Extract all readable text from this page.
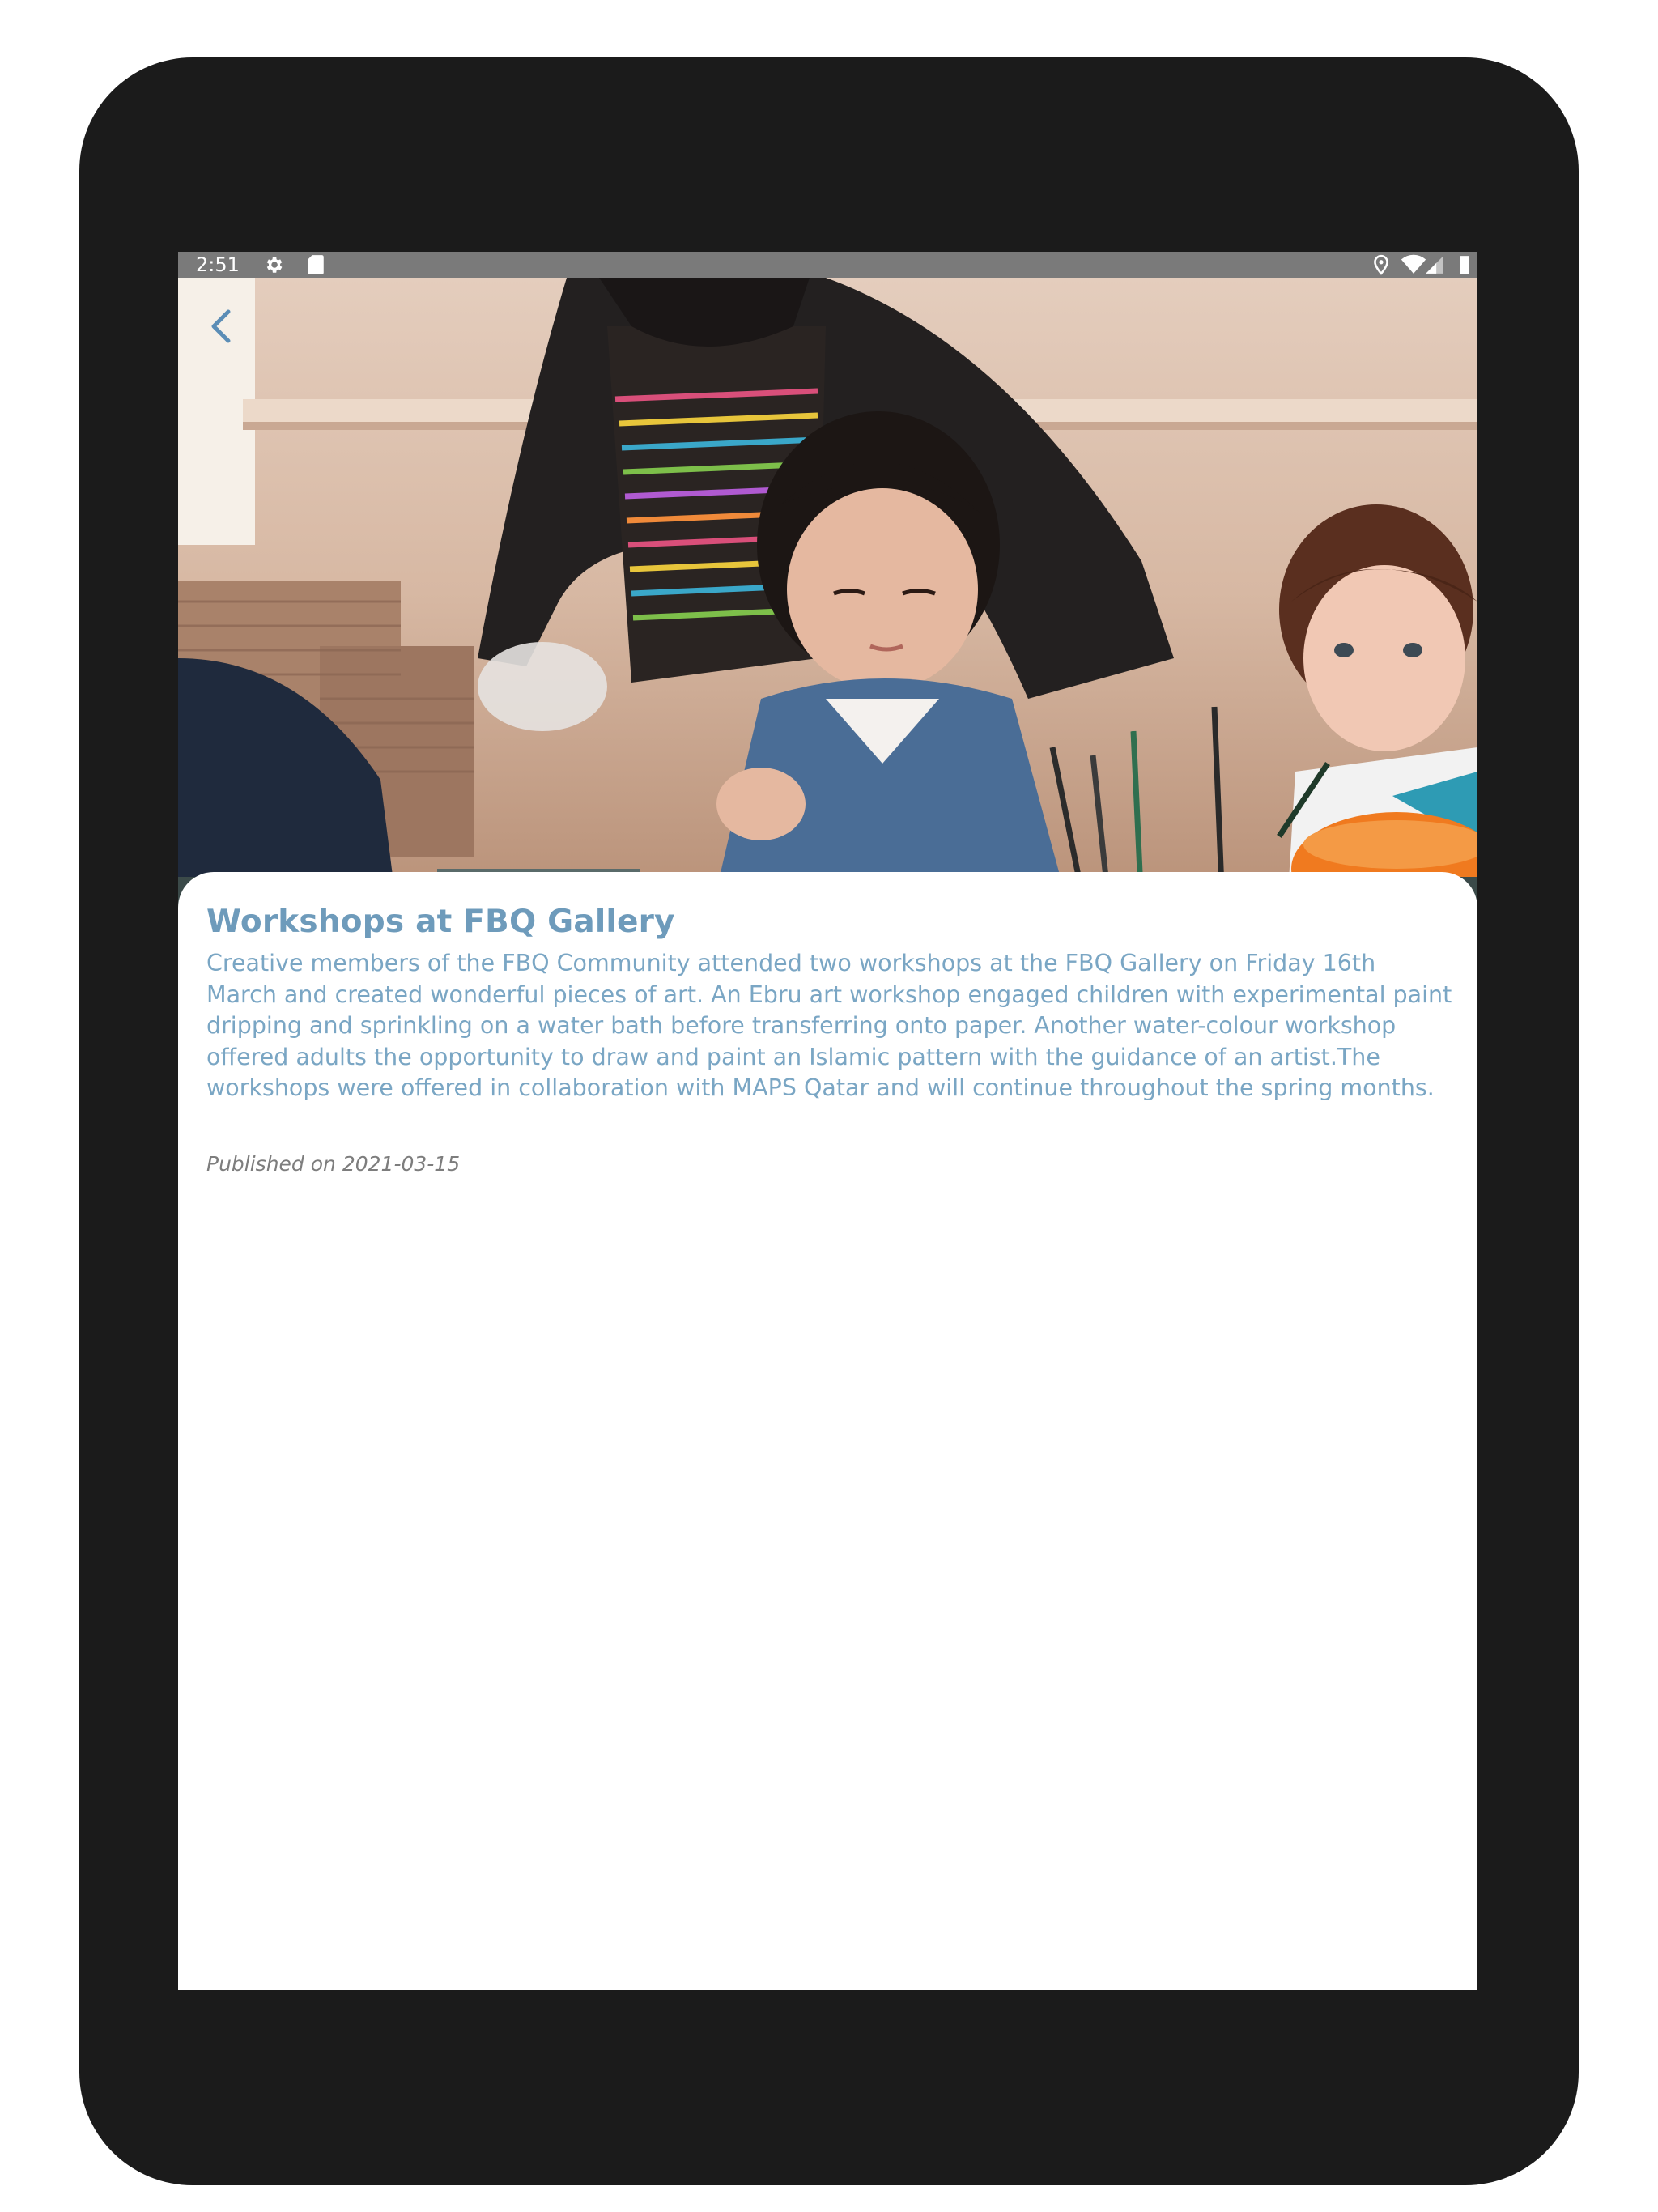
2:51
Workshops at FBQ Gallery
Creative members of the FBQ Community attended two workshops at the FBQ Gallery on Friday 16th March and created wonderful pieces of art. An Ebru art workshop engaged children with experimental paint dripping and sprinkling on a water bath before transferring onto paper. Another water-colour workshop offered adults the opportunity to draw and paint an Islamic pattern with the guidance of an artist.The workshops were offered in collaboration with MAPS Qatar and will continue throughout the spring months.
Published on 2021-03-15
